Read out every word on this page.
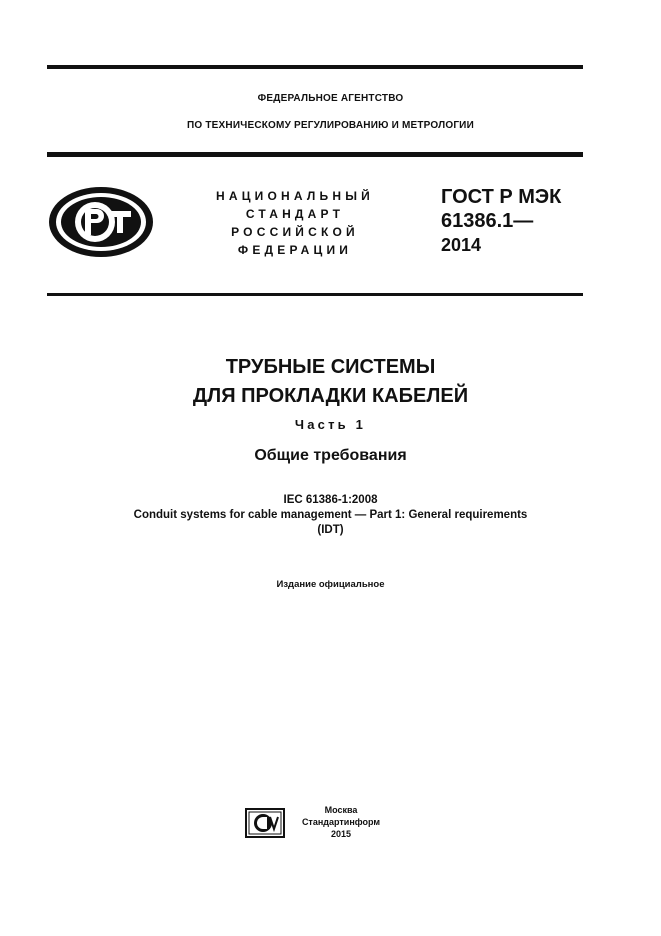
ФЕДЕРАЛЬНОЕ АГЕНТСТВО
ПО ТЕХНИЧЕСКОМУ РЕГУЛИРОВАНИЮ И МЕТРОЛОГИИ
НАЦИОНАЛЬНЫЙ
СТАНДАРТ
РОССИЙСКОЙ
ФЕДЕРАЦИИ
ГОСТ Р МЭК
61386.1—
2014
ТРУБНЫЕ СИСТЕМЫ
ДЛЯ ПРОКЛАДКИ КАБЕЛЕЙ
Часть 1
Общие требования
IEC 61386-1:2008
Conduit systems for cable management — Part 1: General requirements
(IDT)
Издание официальное
Москва
Стандартинформ
2015
